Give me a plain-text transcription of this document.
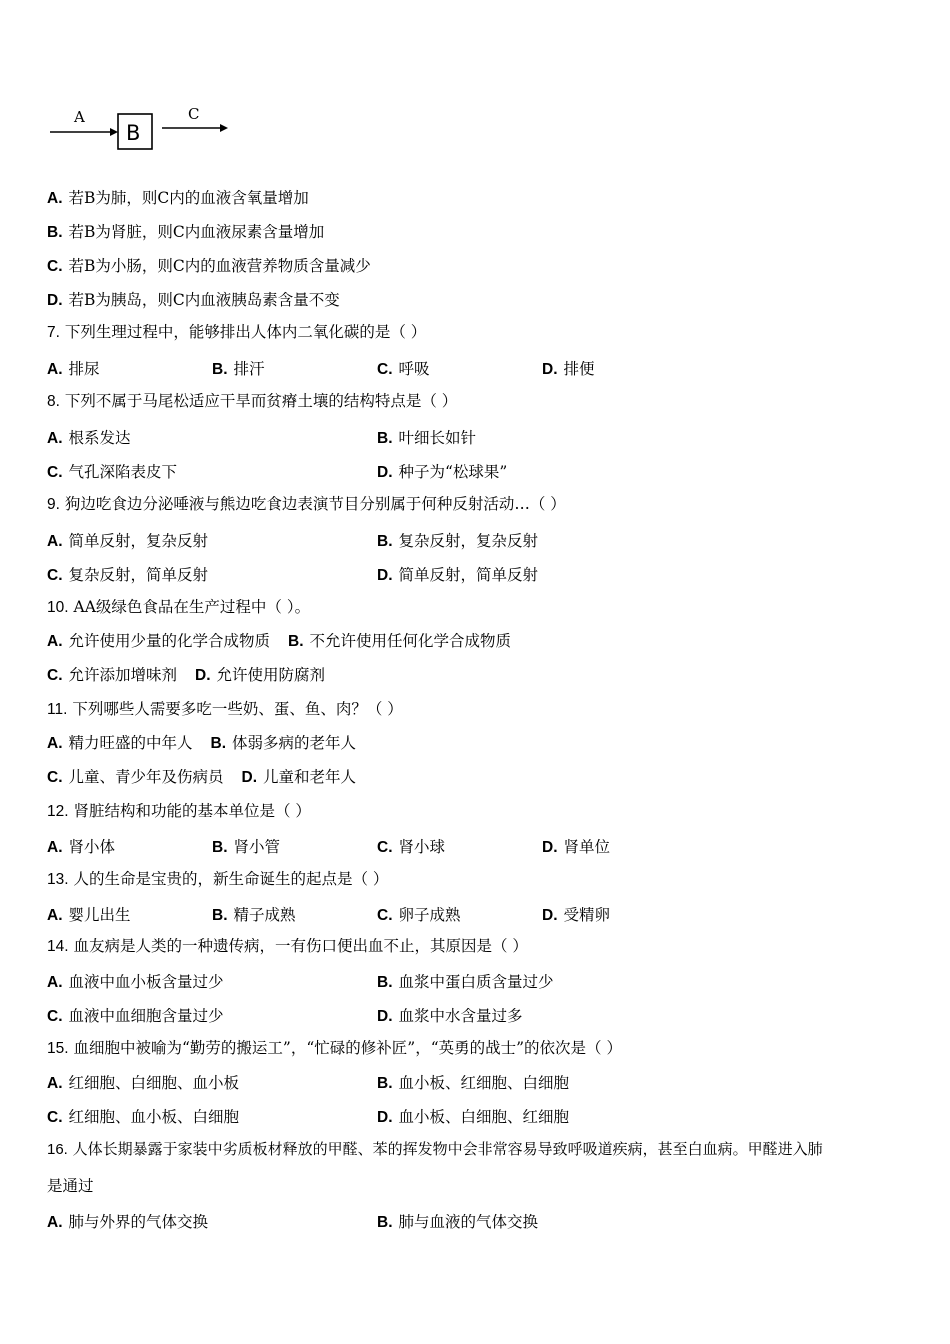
A
B
C
A. 若B为肺，则C内的血液含氧量增加
B. 若B为肾脏，则C内血液尿素含量增加
C. 若B为小肠，则C内的血液营养物质含量减少
D. 若B为胰岛，则C内血液胰岛素含量不变
7. 下列生理过程中，能够排出人体内二氧化碳的是（ ）
A. 排尿	B. 排汗	C. 呼吸	D. 排便
8. 下列不属于马尾松适应干旱而贫瘠土壤的结构特点是（ ）
A. 根系发达	B. 叶细长如针
C. 气孔深陷表皮下	D. 种子为“松球果”
9. 狗边吃食边分泌唾液与熊边吃食边表演节目分别属于何种反射活动…（ ）
A. 简单反射，复杂反射	B. 复杂反射，复杂反射
C. 复杂反射，简单反射	D. 简单反射，简单反射
10. AA级绿色食品在生产过程中（ ）。
A. 允许使用少量的化学合成物质 B. 不允许使用任何化学合成物质
C. 允许添加增味剂 D. 允许使用防腐剂
11. 下列哪些人需要多吃一些奶、蛋、鱼、肉？（ ）
A. 精力旺盛的中年人 B. 体弱多病的老年人
C. 儿童、青少年及伤病员 D. 儿童和老年人
12. 肾脏结构和功能的基本单位是（ ）
A. 肾小体	B. 肾小管	C. 肾小球	D. 肾单位
13. 人的生命是宝贵的，新生命诞生的起点是（ ）
A. 婴儿出生	B. 精子成熟	C. 卵子成熟	D. 受精卵
14. 血友病是人类的一种遗传病，一有伤口便出血不止，其原因是（ ）
A. 血液中血小板含量过少	B. 血浆中蛋白质含量过少
C. 血液中血细胞含量过少	D. 血浆中水含量过多
15. 血细胞中被喻为“勤劳的搬运工”，“忙碌的修补匠”，“英勇的战士”的依次是（ ）
A. 红细胞、白细胞、血小板	B. 血小板、红细胞、白细胞
C. 红细胞、血小板、白细胞	D. 血小板、白细胞、红细胞
16. 人体长期暴露于家装中劣质板材释放的甲醛、苯的挥发物中会非常容易导致呼吸道疾病，甚至白血病。甲醛进入肺
是通过
A. 肺与外界的气体交换	B. 肺与血液的气体交换
